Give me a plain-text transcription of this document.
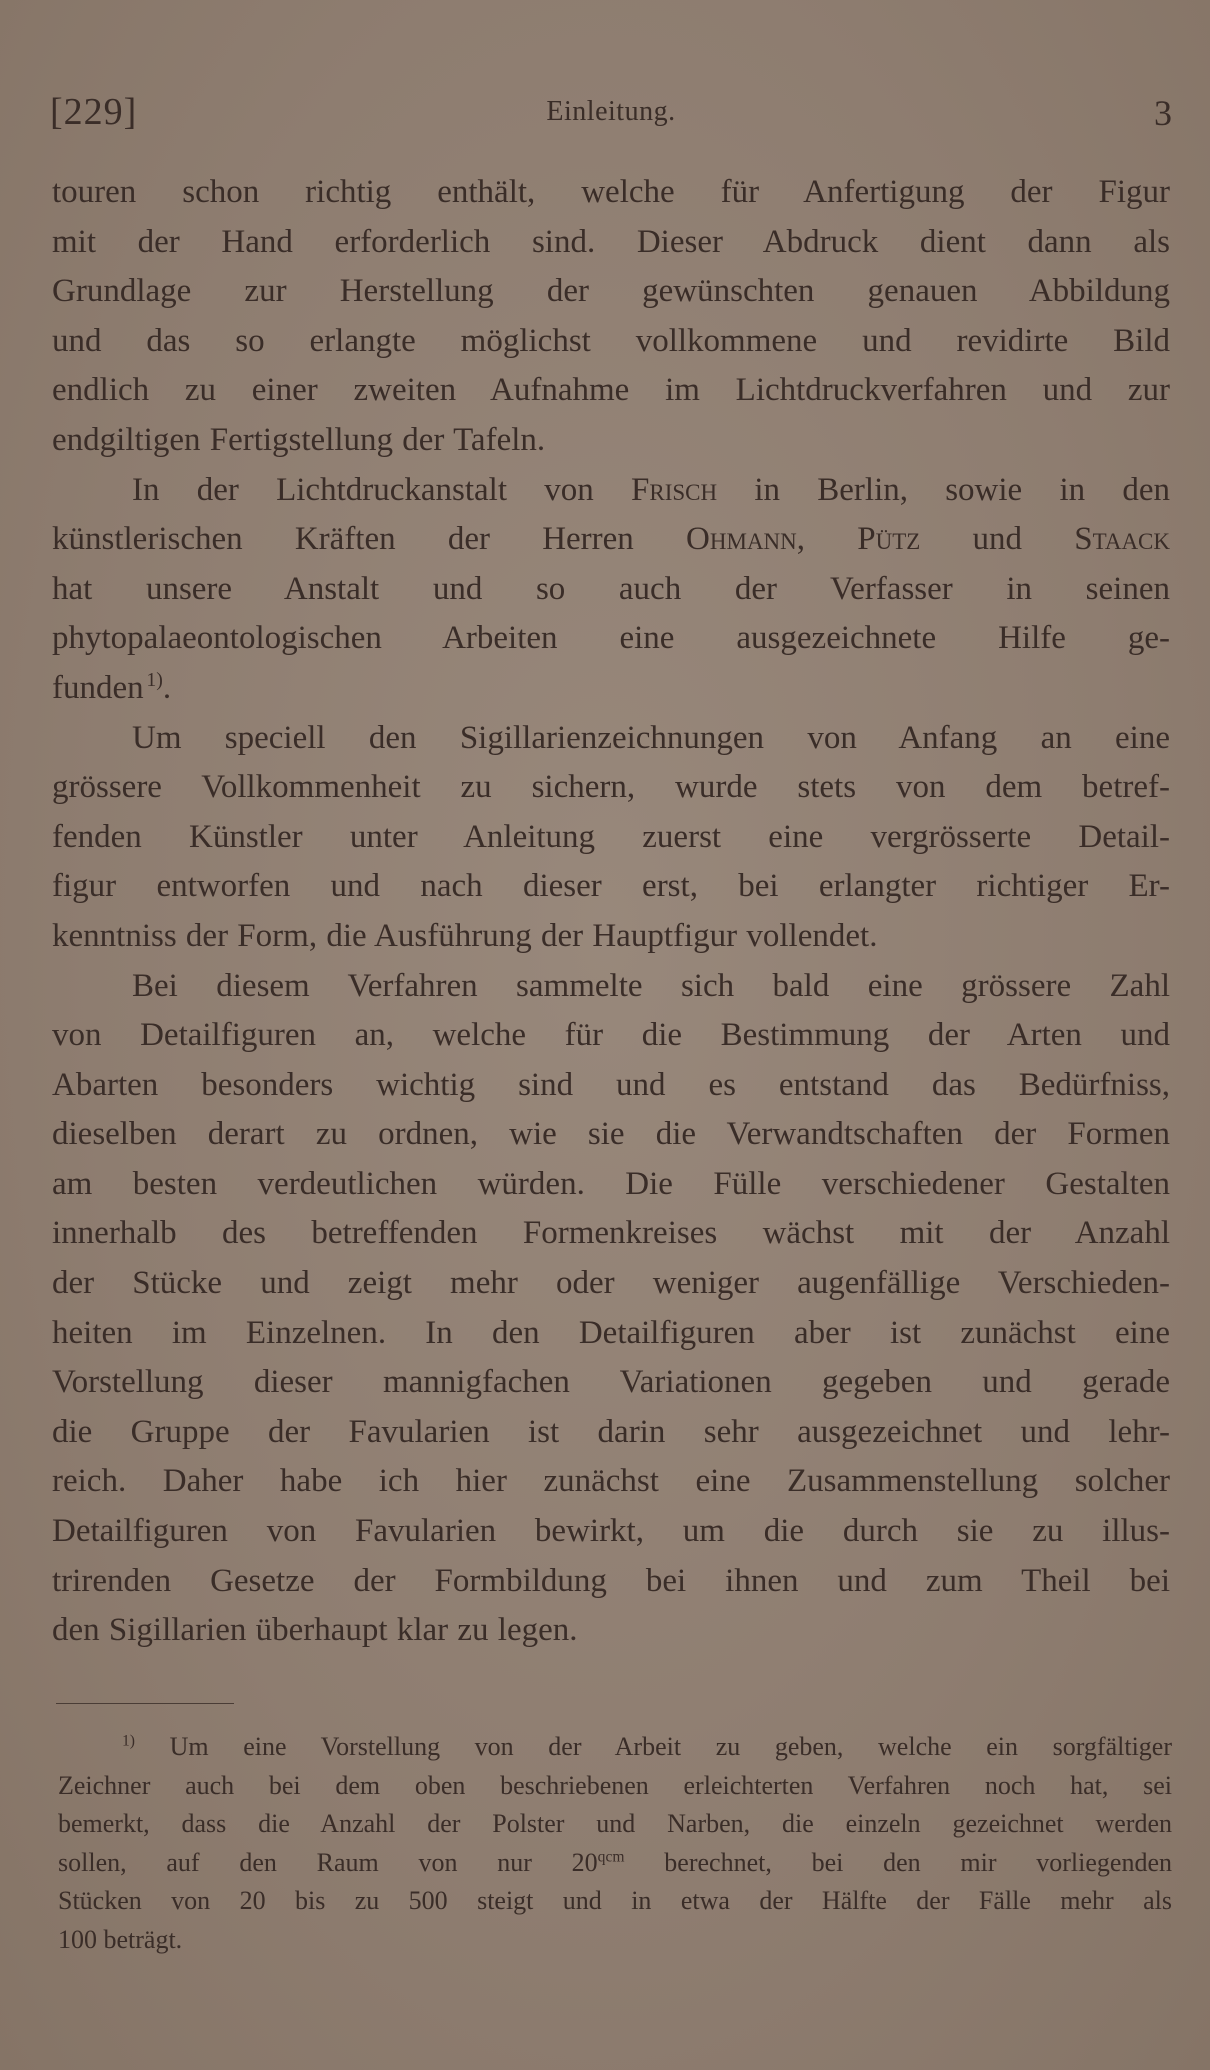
[229]	Einleitung.	3
touren schon richtig enthält, welche für Anfertigung der Figur
mit der Hand erforderlich sind. Dieser Abdruck dient dann als
Grundlage zur Herstellung der gewünschten genauen Abbildung
und das so erlangte möglichst vollkommene und revidirte Bild
endlich zu einer zweiten Aufnahme im Lichtdruckverfahren und zur
endgiltigen Fertigstellung der Tafeln.
In der Lichtdruckanstalt von Frisch in Berlin, sowie in den
künstlerischen Kräften der Herren Ohmann, Pütz und Staack
hat unsere Anstalt und so auch der Verfasser in seinen
phytopalaeontologischen Arbeiten eine ausgezeichnete Hilfe ge-
funden $^{1)}$.
Um speciell den Sigillarienzeichnungen von Anfang an eine
grössere Vollkommenheit zu sichern, wurde stets von dem betref-
fenden Künstler unter Anleitung zuerst eine vergrösserte Detail-
figur entworfen und nach dieser erst, bei erlangter richtiger Er-
kenntniss der Form, die Ausführung der Hauptfigur vollendet.
Bei diesem Verfahren sammelte sich bald eine grössere Zahl
von Detailfiguren an, welche für die Bestimmung der Arten und
Abarten besonders wichtig sind und es entstand das Bedürfniss,
dieselben derart zu ordnen, wie sie die Verwandtschaften der Formen
am besten verdeutlichen würden. Die Fülle verschiedener Gestalten
innerhalb des betreffenden Formenkreises wächst mit der Anzahl
der Stücke und zeigt mehr oder weniger augenfällige Verschieden-
heiten im Einzelnen. In den Detailfiguren aber ist zunächst eine
Vorstellung dieser mannigfachen Variationen gegeben und gerade
die Gruppe der Favularien ist darin sehr ausgezeichnet und lehr-
reich. Daher habe ich hier zunächst eine Zusammenstellung solcher
Detailfiguren von Favularien bewirkt, um die durch sie zu illus-
trirenden Gesetze der Formbildung bei ihnen und zum Theil bei
den Sigillarien überhaupt klar zu legen.
$^{1)}$ Um eine Vorstellung von der Arbeit zu geben, welche ein sorgfältiger
Zeichner auch bei dem oben beschriebenen erleichterten Verfahren noch hat, sei
bemerkt, dass die Anzahl der Polster und Narben, die einzeln gezeichnet werden
sollen, auf den Raum von nur $20^{qcm}$ berechnet, bei den mir vorliegenden
Stücken von 20 bis zu 500 steigt und in etwa der Hälfte der Fälle mehr als
100 beträgt.
